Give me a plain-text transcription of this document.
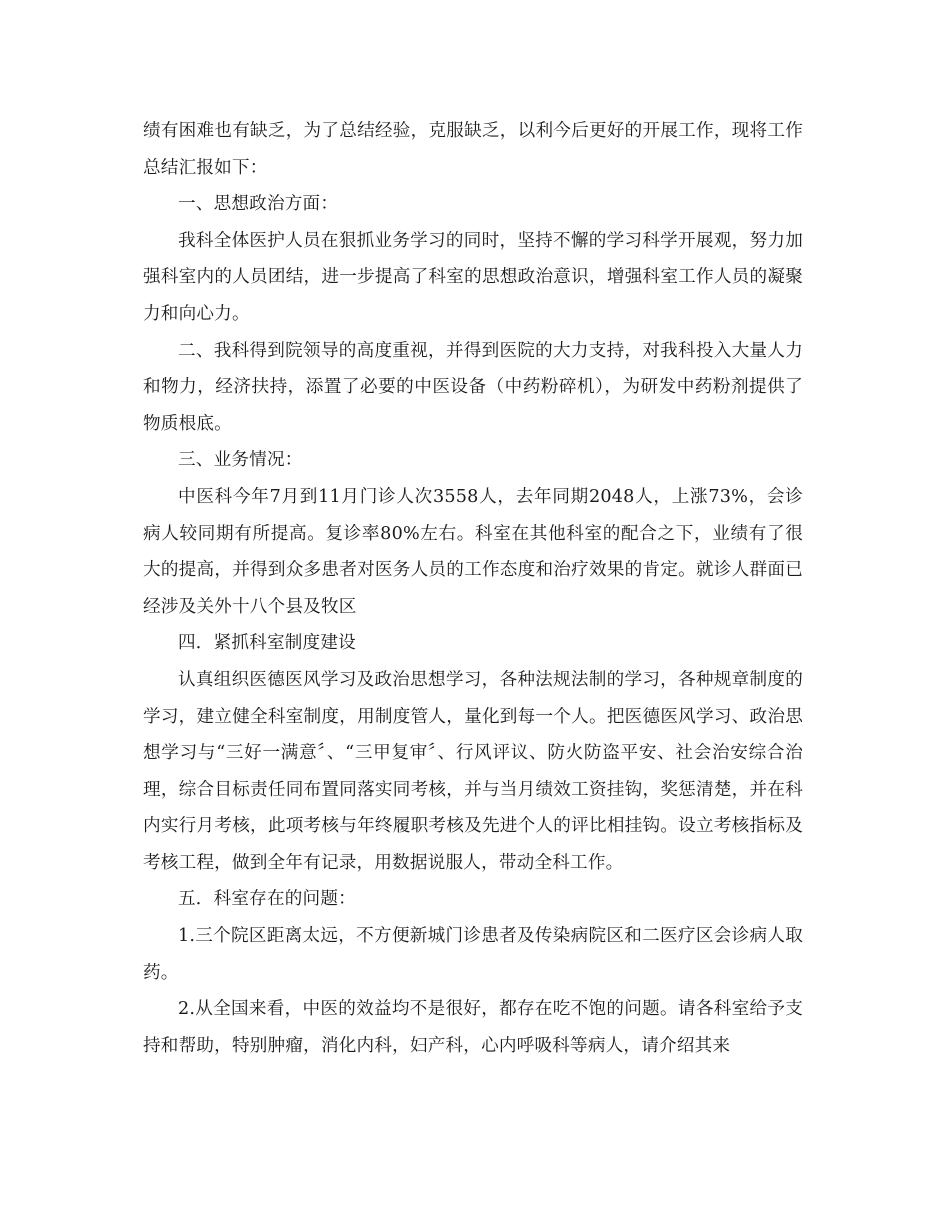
绩有困难也有缺乏，为了总结经验，克服缺乏，以利今后更好的开展工作，现将工作总结汇报如下：

一、思想政治方面：

我科全体医护人员在狠抓业务学习的同时，坚持不懈的学习科学开展观，努力加强科室内的人员团结，进一步提高了科室的思想政治意识，增强科室工作人员的凝聚力和向心力。

二、我科得到院领导的高度重视，并得到医院的大力支持，对我科投入大量人力和物力，经济扶持，添置了必要的中医设备（中药粉碎机），为研发中药粉剂提供了物质根底。

三、业务情况：

中医科今年7月到11月门诊人次3558人，去年同期2048人，上涨73%，会诊病人较同期有所提高。复诊率80%左右。科室在其他科室的配合之下，业绩有了很大的提高，并得到众多患者对医务人员的工作态度和治疗效果的肯定。就诊人群面已经涉及关外十八个县及牧区

四．紧抓科室制度建设

认真组织医德医风学习及政治思想学习，各种法规法制的学习，各种规章制度的学习，建立健全科室制度，用制度管人，量化到每一个人。把医德医风学习、政治思想学习与“三好一满意〞、“三甲复审〞、行风评议、防火防盗平安、社会治安综合治理，综合目标责任同布置同落实同考核，并与当月绩效工资挂钩，奖惩清楚，并在科内实行月考核，此项考核与年终履职考核及先进个人的评比相挂钩。设立考核指标及考核工程，做到全年有记录，用数据说服人，带动全科工作。

五．科室存在的问题：

1.三个院区距离太远，不方便新城门诊患者及传染病院区和二医疗区会诊病人取药。

2.从全国来看，中医的效益均不是很好，都存在吃不饱的问题。请各科室给予支持和帮助，特别肿瘤，消化内科，妇产科，心内呼吸科等病人，请介绍其来
